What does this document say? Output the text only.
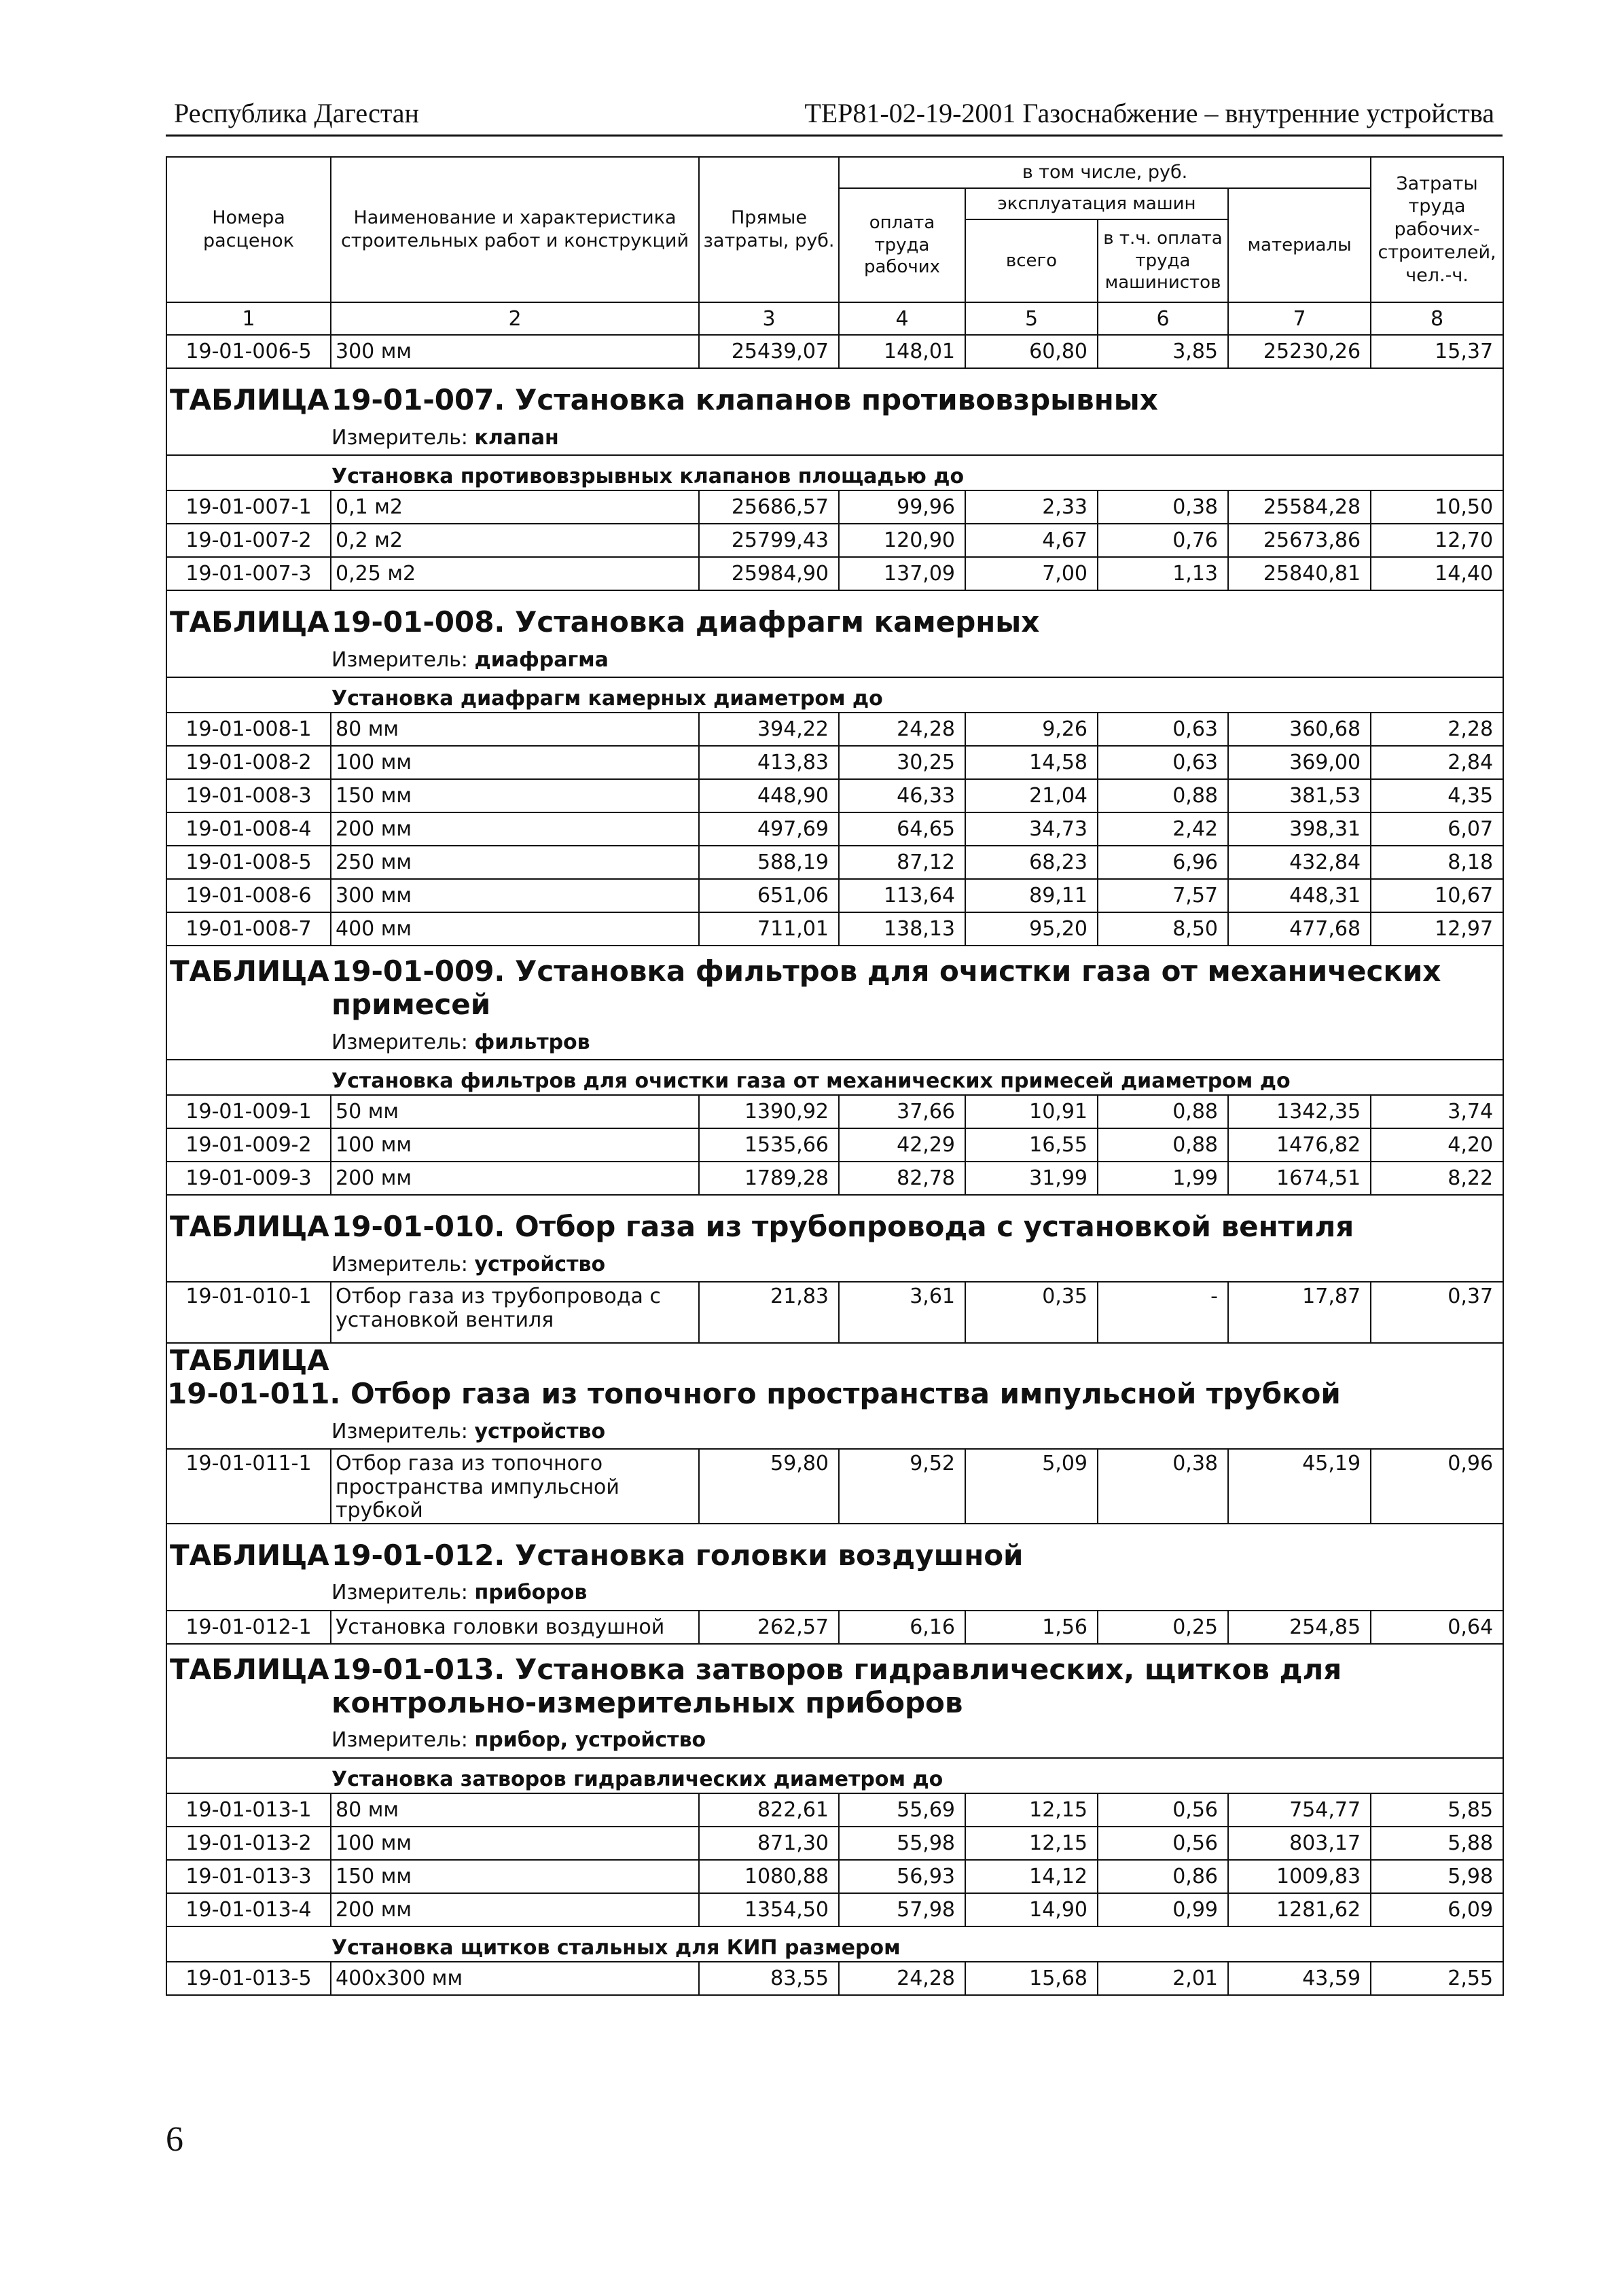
Республика Дагестан	ТЕР81-02-19-2001 Газоснабжение – внутренние устройства
Номера расценок	Наименование и характеристика строительных работ и конструкций	Прямые затраты, руб.	в том числе, руб.				Затраты труда рабочих-строителей, чел.-ч.
			оплата труда рабочих	эксплуатация машин		материалы	
				всего	в т.ч. оплата труда машинистов		
1	2	3	4	5	6	7	8
19-01-006-5	300 мм	25439,07	148,01	60,80	3,85	25230,26	15,37
ТАБЛИЦА19-01-007. Установка клапанов противовзрывных							
Измеритель: клапан							
Установка противовзрывных клапанов площадью до							
19-01-007-1	0,1 м2	25686,57	99,96	2,33	0,38	25584,28	10,50
19-01-007-2	0,2 м2	25799,43	120,90	4,67	0,76	25673,86	12,70
19-01-007-3	0,25 м2	25984,90	137,09	7,00	1,13	25840,81	14,40
ТАБЛИЦА19-01-008. Установка диафрагм камерных							
Измеритель: диафрагма							
Установка диафрагм камерных диаметром до							
19-01-008-1	80 мм	394,22	24,28	9,26	0,63	360,68	2,28
19-01-008-2	100 мм	413,83	30,25	14,58	0,63	369,00	2,84
19-01-008-3	150 мм	448,90	46,33	21,04	0,88	381,53	4,35
19-01-008-4	200 мм	497,69	64,65	34,73	2,42	398,31	6,07
19-01-008-5	250 мм	588,19	87,12	68,23	6,96	432,84	8,18
19-01-008-6	300 мм	651,06	113,64	89,11	7,57	448,31	10,67
19-01-008-7	400 мм	711,01	138,13	95,20	8,50	477,68	12,97

ТАБЛИЦА 19-01-009. Установка фильтров для очистки газа от механических
примесей							

Измеритель: фильтров							
Установка фильтров для очистки газа от механических примесей диаметром до							
19-01-009-1	50 мм	1390,92	37,66	10,91	0,88	1342,35	3,74
19-01-009-2	100 мм	1535,66	42,29	16,55	0,88	1476,82	4,20
19-01-009-3	200 мм	1789,28	82,78	31,99	1,99	1674,51	8,22
ТАБЛИЦА19-01-010. Отбор газа из трубопровода с установкой вентиля							
Измеритель: устройство							
19-01-010-1	Отбор газа из трубопровода с установкой вентиля	21,83	3,61	0,35	-	17,87	0,37
ТАБЛИЦА19-01-011. Отбор газа из топочного пространства импульсной трубкой							
Измеритель: устройство							
19-01-011-1	Отбор газа из топочного пространства импульсной трубкой	59,80	9,52	5,09	0,38	45,19	0,96
ТАБЛИЦА19-01-012. Установка головки воздушной							
Измеритель: приборов							
19-01-012-1	Установка головки воздушной	262,57	6,16	1,56	0,25	254,85	0,64

ТАБЛИЦА 19-01-013. Установка затворов гидравлических, щитков для
контрольно-измерительных приборов							

Измеритель: прибор, устройство							
Установка затворов гидравлических диаметром до							
19-01-013-1	80 мм	822,61	55,69	12,15	0,56	754,77	5,85
19-01-013-2	100 мм	871,30	55,98	12,15	0,56	803,17	5,88
19-01-013-3	150 мм	1080,88	56,93	14,12	0,86	1009,83	5,98
19-01-013-4	200 мм	1354,50	57,98	14,90	0,99	1281,62	6,09
Установка щитков стальных для КИП размером							
19-01-013-5	400х300 мм	83,55	24,28	15,68	2,01	43,59	2,55
6
